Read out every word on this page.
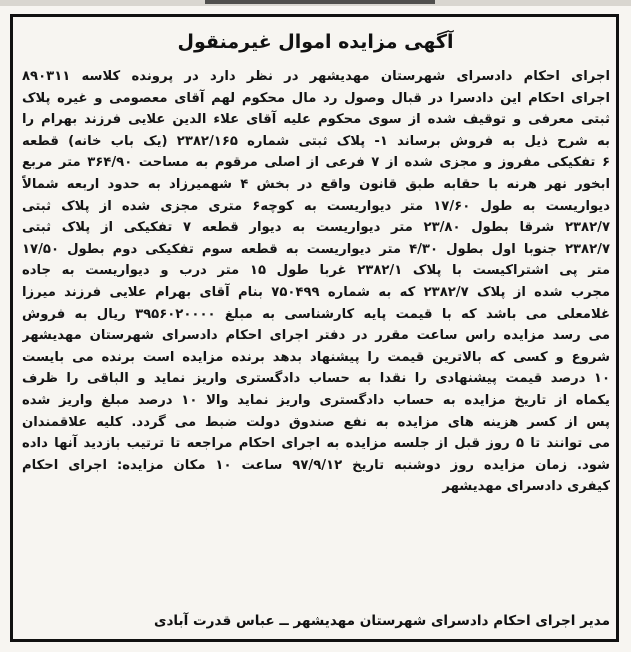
آگهی مزایده اموال غیرمنقول
اجرای احکام دادسرای شهرستان مهدیشهر در نظر دارد در پرونده کلاسه ۸۹۰۳۱۱
اجرای احکام این دادسرا در قبال وصول رد مال محکوم لهم آقای معصومی و غیره پلاک
ثبتی معرفی و توقیف شده از سوی محکوم علیه آقای علاء الدین علایی فرزند بهرام را
به شرح ذیل به فروش برساند ۱- پلاک ثبتی شماره ۲۳۸۲/۱۶۵ (یک باب خانه) قطعه
۶ تفکیکی مفروز و مجزی شده از ۷ فرعی از اصلی مرقوم به مساحت ۳۶۴/۹۰ متر مربع
ابخور نهر هرنه با حقابه طبق قانون واقع در بخش ۴ شهمیرزاد به حدود اربعه شمالاً
دیواریست به طول ۱۷/۶۰ متر دیواریست به کوچه۶ متری مجزی شده از پلاک ثبتی
۲۳۸۲/۷ شرقا بطول ۲۳/۸۰ متر دیواریست به دیوار قطعه ۷ تفکیکی از پلاک ثبتی
۲۳۸۲/۷ جنوبا اول بطول ۴/۳۰ متر دیواریست به قطعه سوم تفکیکی دوم بطول ۱۷/۵۰
متر پی اشتراکیست با پلاک ۲۳۸۲/۱ غربا طول ۱۵ متر درب و دیواریست به جاده
مجرب شده از پلاک ۲۳۸۲/۷ که به شماره ۷۵۰۴۹۹ بنام آقای بهرام علایی فرزند میرزا
غلامعلی می باشد که با قیمت پایه کارشناسی به مبلغ ۳۹۵۶۰۲۰۰۰۰ ریال به فروش
می رسد مزایده راس ساعت مقرر در دفتر اجرای احکام دادسرای شهرستان مهدیشهر
شروع و کسی که بالاترین قیمت را پیشنهاد بدهد برنده مزایده است برنده می بایست
۱۰ درصد قیمت پیشنهادی را نقدا به حساب دادگستری واریز نماید و الباقی را ظرف
یکماه از تاریخ مزایده به حساب دادگستری واریز نماید والا ۱۰ درصد مبلغ واریز شده
پس از کسر هزینه های مزایده به نفع صندوق دولت ضبط می گردد. کلیه علاقمندان
می توانند تا ۵ روز قبل از جلسه مزایده به اجرای احکام مراجعه تا ترتیب بازدید آنها داده
شود. زمان مزایده روز دوشنبه تاریخ ۹۷/۹/۱۲ ساعت ۱۰ مکان مزایده: اجرای احکام
کیفری دادسرای مهدیشهر
مدیر اجرای احکام دادسرای شهرستان مهدیشهر ــ عباس قدرت آبادی
